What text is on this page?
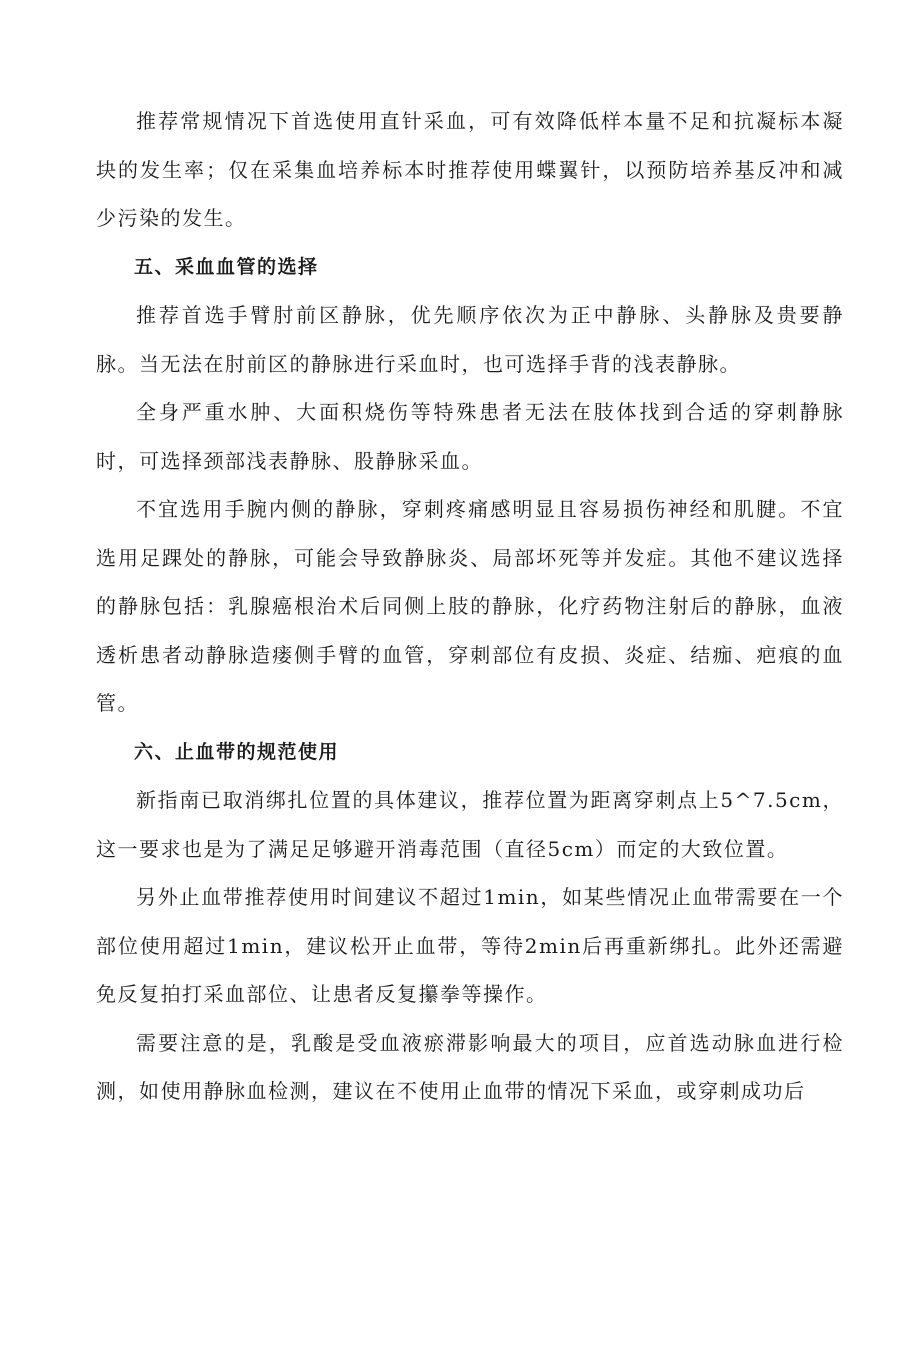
推荐常规情况下首选使用直针采血，可有效降低样本量不足和抗凝标本凝块的发生率；仅在采集血培养标本时推荐使用蝶翼针，以预防培养基反冲和减少污染的发生。

五、采血血管的选择

推荐首选手臂肘前区静脉，优先顺序依次为正中静脉、头静脉及贵要静脉。当无法在肘前区的静脉进行采血时，也可选择手背的浅表静脉。

全身严重水肿、大面积烧伤等特殊患者无法在肢体找到合适的穿刺静脉时，可选择颈部浅表静脉、股静脉采血。

不宜选用手腕内侧的静脉，穿刺疼痛感明显且容易损伤神经和肌腱。不宜选用足踝处的静脉，可能会导致静脉炎、局部坏死等并发症。其他不建议选择的静脉包括：乳腺癌根治术后同侧上肢的静脉，化疗药物注射后的静脉，血液透析患者动静脉造瘘侧手臂的血管，穿刺部位有皮损、炎症、结痂、疤痕的血管。

六、止血带的规范使用

新指南已取消绑扎位置的具体建议，推荐位置为距离穿刺点上5^7.5cm，这一要求也是为了满足足够避开消毒范围（直径5cm）而定的大致位置。

另外止血带推荐使用时间建议不超过1min，如某些情况止血带需要在一个部位使用超过1min，建议松开止血带，等待2min后再重新绑扎。此外还需避免反复拍打采血部位、让患者反复攥拳等操作。

需要注意的是，乳酸是受血液瘀滞影响最大的项目，应首选动脉血进行检测，如使用静脉血检测，建议在不使用止血带的情况下采血，或穿刺成功后
